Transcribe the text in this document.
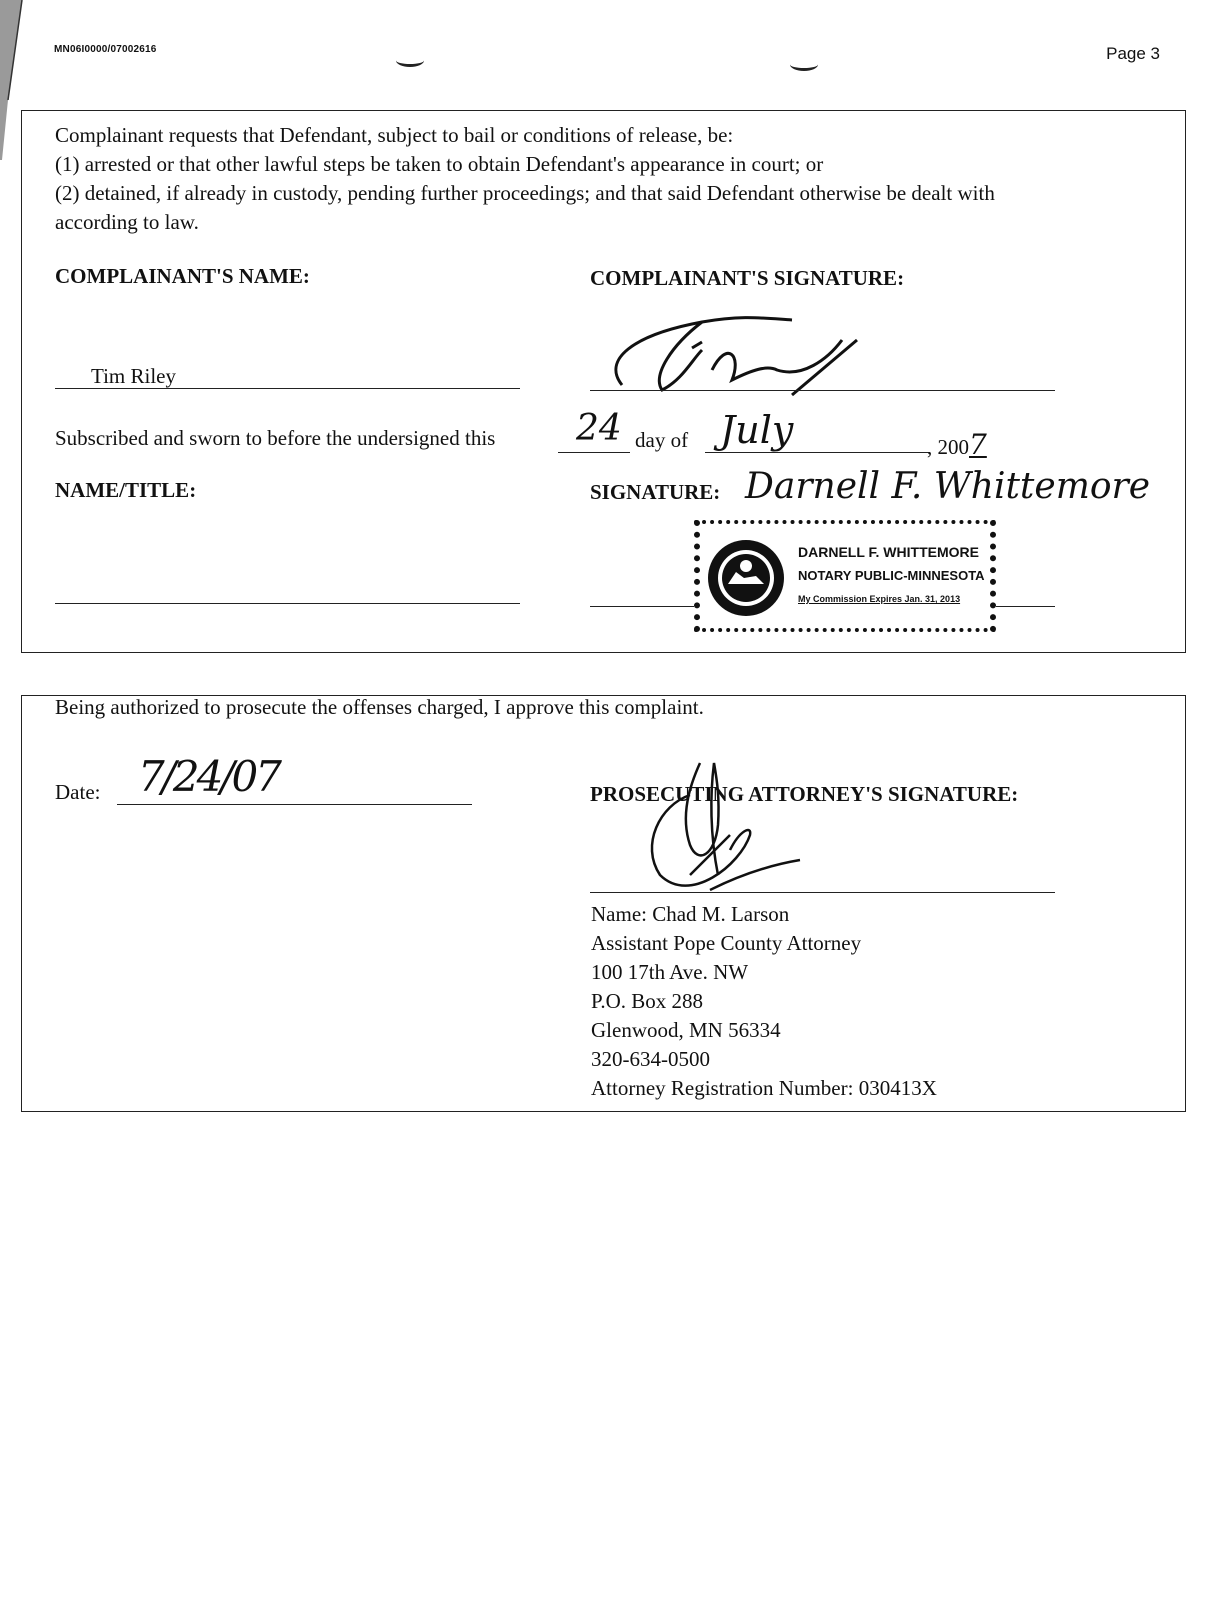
MN06I0000/07002616	Page 3
Complainant requests that Defendant, subject to bail or conditions of release, be:
(1) arrested or that other lawful steps be taken to obtain Defendant's appearance in court; or
(2) detained, if already in custody, pending further proceedings; and that said Defendant otherwise be dealt with
according to law.
COMPLAINANT'S NAME:	COMPLAINANT'S SIGNATURE:
Tim Riley
Subscribed and sworn to before the undersigned this 24 day of July	, 2007
NAME/TITLE:	SIGNATURE: Darnell F. Whittemore
DARNELL F. WHITTEMORE
NOTARY PUBLIC-MINNESOTA
My Commission Expires Jan. 31, 2013
Being authorized to prosecute the offenses charged, I approve this complaint.
Date: 7/24/07	PROSECUTING ATTORNEY'S SIGNATURE:
Name: Chad M. Larson
Assistant Pope County Attorney
100 17th Ave. NW
P.O. Box 288
Glenwood, MN 56334
320-634-0500
Attorney Registration Number: 030413X
